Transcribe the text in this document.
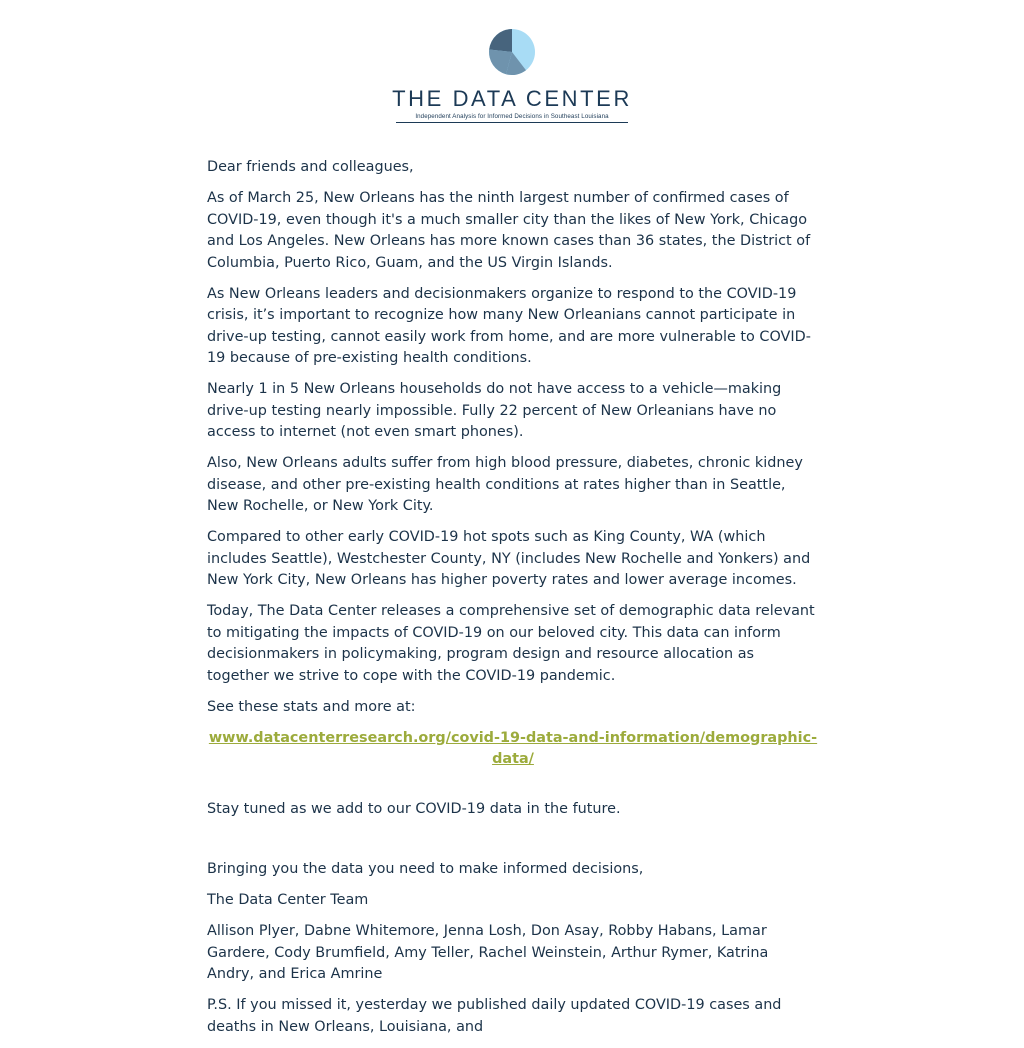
THE DATA CENTER
Independent Analysis for Informed Decisions in Southeast Louisiana

Dear friends and colleagues,

As of March 25, New Orleans has the ninth largest number of confirmed cases of COVID-19, even though it's a much smaller city than the likes of New York, Chicago and Los Angeles. New Orleans has more known cases than 36 states, the District of Columbia, Puerto Rico, Guam, and the US Virgin Islands.

As New Orleans leaders and decisionmakers organize to respond to the COVID-19 crisis, it’s important to recognize how many New Orleanians cannot participate in drive-up testing, cannot easily work from home, and are more vulnerable to COVID-19 because of pre-existing health conditions.

Nearly 1 in 5 New Orleans households do not have access to a vehicle—making drive-up testing nearly impossible. Fully 22 percent of New Orleanians have no access to internet (not even smart phones).

Also, New Orleans adults suffer from high blood pressure, diabetes, chronic kidney disease, and other pre-existing health conditions at rates higher than in Seattle, New Rochelle, or New York City.

Compared to other early COVID-19 hot spots such as King County, WA (which includes Seattle), Westchester County, NY (includes New Rochelle and Yonkers) and New York City, New Orleans has higher poverty rates and lower average incomes.

Today, The Data Center releases a comprehensive set of demographic data relevant to mitigating the impacts of COVID-19 on our beloved city. This data can inform decisionmakers in policymaking, program design and resource allocation as together we strive to cope with the COVID-19 pandemic.

See these stats and more at:

www.datacenterresearch.org/covid-19-data-and-information/demographic-
data/

Stay tuned as we add to our COVID-19 data in the future.

Bringing you the data you need to make informed decisions,

The Data Center Team

Allison Plyer, Dabne Whitemore, Jenna Losh, Don Asay, Robby Habans, Lamar Gardere, Cody Brumfield, Amy Teller, Rachel Weinstein, Arthur Rymer, Katrina Andry, and Erica Amrine

P.S. If you missed it, yesterday we published daily updated COVID-19 cases and deaths in New Orleans, Louisiana, and
